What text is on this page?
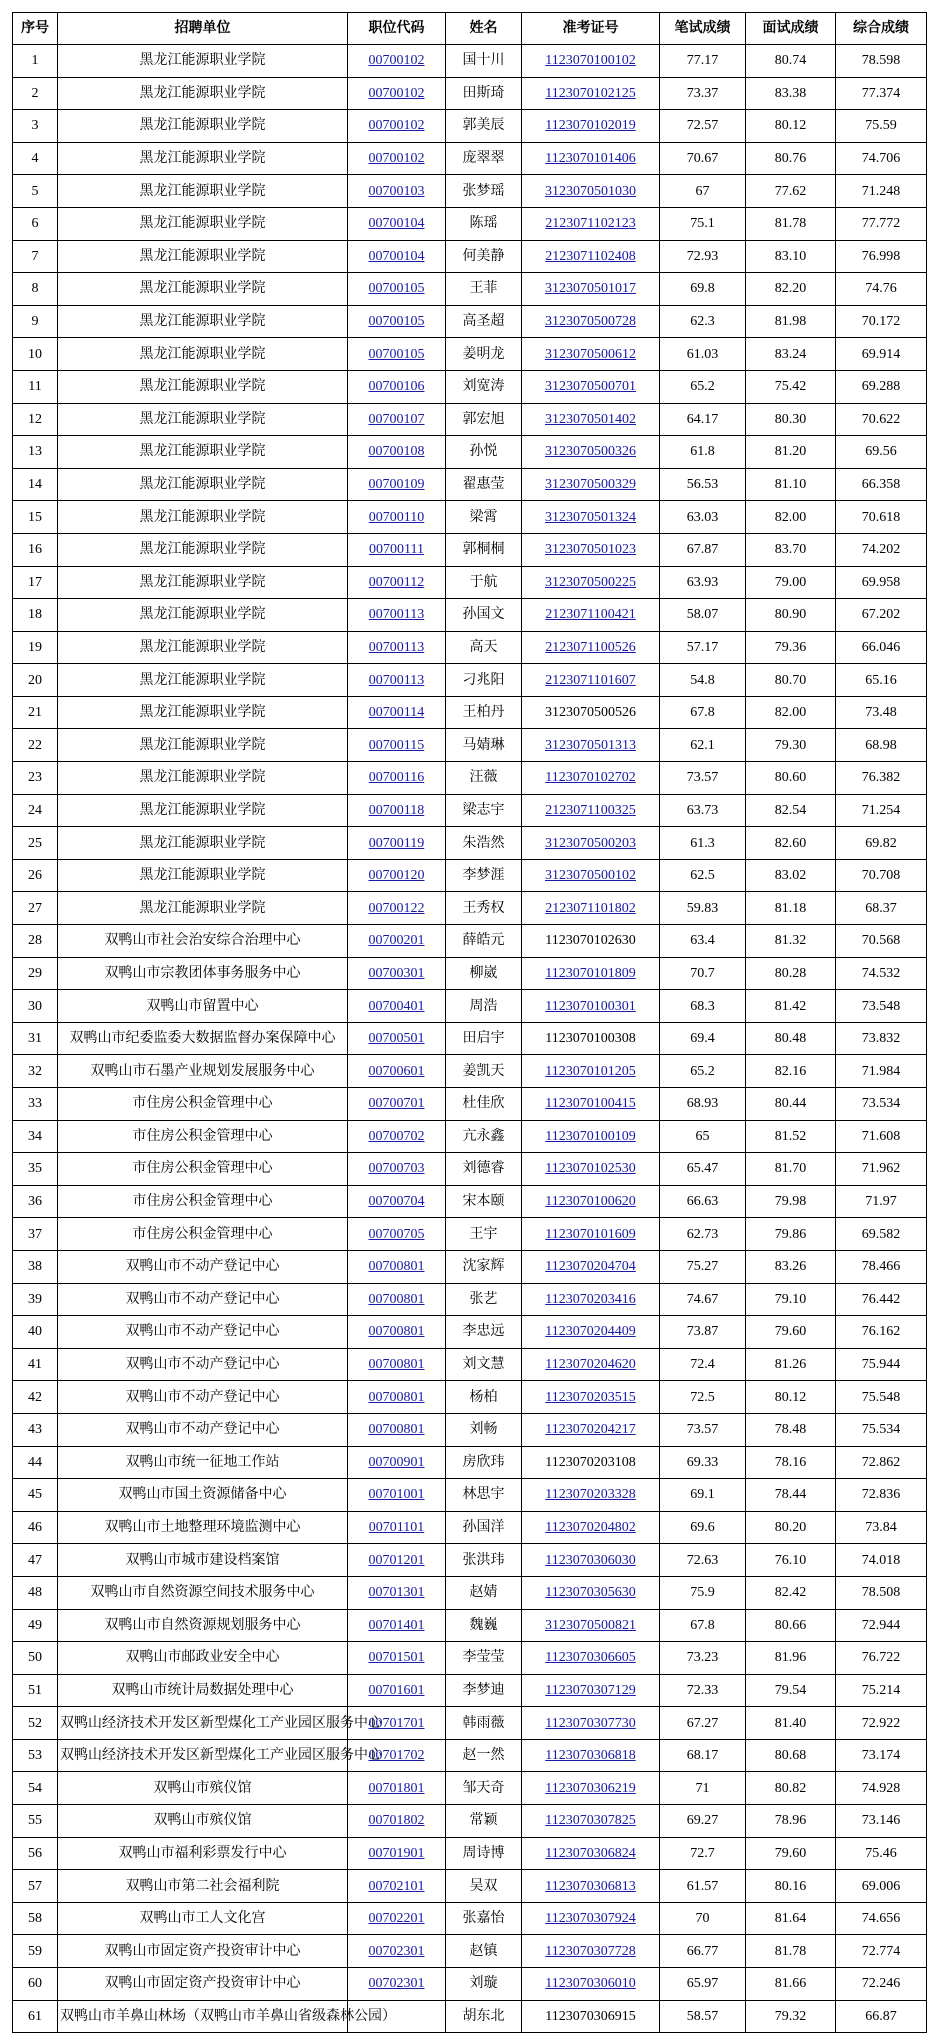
序号	招聘单位	职位代码	姓名	准考证号	笔试成绩	面试成绩	综合成绩
1	黑龙江能源职业学院	00700102	国十川	1123070100102	77.17	80.74	78.598
2	黑龙江能源职业学院	00700102	田斯琦	1123070102125	73.37	83.38	77.374
3	黑龙江能源职业学院	00700102	郭美辰	1123070102019	72.57	80.12	75.59
4	黑龙江能源职业学院	00700102	庞翠翠	1123070101406	70.67	80.76	74.706
5	黑龙江能源职业学院	00700103	张梦瑶	3123070501030	67	77.62	71.248
6	黑龙江能源职业学院	00700104	陈瑶	2123071102123	75.1	81.78	77.772
7	黑龙江能源职业学院	00700104	何美静	2123071102408	72.93	83.10	76.998
8	黑龙江能源职业学院	00700105	王菲	3123070501017	69.8	82.20	74.76
9	黑龙江能源职业学院	00700105	高圣超	3123070500728	62.3	81.98	70.172
10	黑龙江能源职业学院	00700105	姜明龙	3123070500612	61.03	83.24	69.914
11	黑龙江能源职业学院	00700106	刘宽涛	3123070500701	65.2	75.42	69.288
12	黑龙江能源职业学院	00700107	郭宏旭	3123070501402	64.17	80.30	70.622
13	黑龙江能源职业学院	00700108	孙悦	3123070500326	61.8	81.20	69.56
14	黑龙江能源职业学院	00700109	翟惠莹	3123070500329	56.53	81.10	66.358
15	黑龙江能源职业学院	00700110	梁霄	3123070501324	63.03	82.00	70.618
16	黑龙江能源职业学院	00700111	郭桐桐	3123070501023	67.87	83.70	74.202
17	黑龙江能源职业学院	00700112	于航	3123070500225	63.93	79.00	69.958
18	黑龙江能源职业学院	00700113	孙国文	2123071100421	58.07	80.90	67.202
19	黑龙江能源职业学院	00700113	高天	2123071100526	57.17	79.36	66.046
20	黑龙江能源职业学院	00700113	刁兆阳	2123071101607	54.8	80.70	65.16
21	黑龙江能源职业学院	00700114	王柏丹	3123070500526	67.8	82.00	73.48
22	黑龙江能源职业学院	00700115	马婧琳	3123070501313	62.1	79.30	68.98
23	黑龙江能源职业学院	00700116	汪薇	1123070102702	73.57	80.60	76.382
24	黑龙江能源职业学院	00700118	梁志宇	2123071100325	63.73	82.54	71.254
25	黑龙江能源职业学院	00700119	朱浩然	3123070500203	61.3	82.60	69.82
26	黑龙江能源职业学院	00700120	李梦涯	3123070500102	62.5	83.02	70.708
27	黑龙江能源职业学院	00700122	王秀权	2123071101802	59.83	81.18	68.37
28	双鸭山市社会治安综合治理中心	00700201	薛皓元	1123070102630	63.4	81.32	70.568
29	双鸭山市宗教团体事务服务中心	00700301	柳崴	1123070101809	70.7	80.28	74.532
30	双鸭山市留置中心	00700401	周浩	1123070100301	68.3	81.42	73.548
31	双鸭山市纪委监委大数据监督办案保障中心	00700501	田启宇	1123070100308	69.4	80.48	73.832
32	双鸭山市石墨产业规划发展服务中心	00700601	姜凯天	1123070101205	65.2	82.16	71.984
33	市住房公积金管理中心	00700701	杜佳欣	1123070100415	68.93	80.44	73.534
34	市住房公积金管理中心	00700702	亢永鑫	1123070100109	65	81.52	71.608
35	市住房公积金管理中心	00700703	刘德睿	1123070102530	65.47	81.70	71.962
36	市住房公积金管理中心	00700704	宋本颐	1123070100620	66.63	79.98	71.97
37	市住房公积金管理中心	00700705	王宇	1123070101609	62.73	79.86	69.582
38	双鸭山市不动产登记中心	00700801	沈家辉	1123070204704	75.27	83.26	78.466
39	双鸭山市不动产登记中心	00700801	张艺	1123070203416	74.67	79.10	76.442
40	双鸭山市不动产登记中心	00700801	李忠远	1123070204409	73.87	79.60	76.162
41	双鸭山市不动产登记中心	00700801	刘文慧	1123070204620	72.4	81.26	75.944
42	双鸭山市不动产登记中心	00700801	杨柏	1123070203515	72.5	80.12	75.548
43	双鸭山市不动产登记中心	00700801	刘畅	1123070204217	73.57	78.48	75.534
44	双鸭山市统一征地工作站	00700901	房欣玮	1123070203108	69.33	78.16	72.862
45	双鸭山市国土资源储备中心	00701001	林思宇	1123070203328	69.1	78.44	72.836
46	双鸭山市土地整理环境监测中心	00701101	孙国洋	1123070204802	69.6	80.20	73.84
47	双鸭山市城市建设档案馆	00701201	张洪玮	1123070306030	72.63	76.10	74.018
48	双鸭山市自然资源空间技术服务中心	00701301	赵婧	1123070305630	75.9	82.42	78.508
49	双鸭山市自然资源规划服务中心	00701401	魏巍	3123070500821	67.8	80.66	72.944
50	双鸭山市邮政业安全中心	00701501	李莹莹	1123070306605	73.23	81.96	76.722
51	双鸭山市统计局数据处理中心	00701601	李梦迪	1123070307129	72.33	79.54	75.214
52	双鸭山经济技术开发区新型煤化工产业园区服务中心	00701701	韩雨薇	1123070307730	67.27	81.40	72.922
53	双鸭山经济技术开发区新型煤化工产业园区服务中心	00701702	赵一然	1123070306818	68.17	80.68	73.174
54	双鸭山市殡仪馆	00701801	邹天奇	1123070306219	71	80.82	74.928
55	双鸭山市殡仪馆	00701802	常颖	1123070307825	69.27	78.96	73.146
56	双鸭山市福利彩票发行中心	00701901	周诗博	1123070306824	72.7	79.60	75.46
57	双鸭山市第二社会福利院	00702101	吴双	1123070306813	61.57	80.16	69.006
58	双鸭山市工人文化宫	00702201	张嘉怡	1123070307924	70	81.64	74.656
59	双鸭山市固定资产投资审计中心	00702301	赵镇	1123070307728	66.77	81.78	72.774
60	双鸭山市固定资产投资审计中心	00702301	刘璇	1123070306010	65.97	81.66	72.246
61	双鸭山市羊鼻山林场（双鸭山市羊鼻山省级森林公园）		胡东北	1123070306915	58.57	79.32	66.87
